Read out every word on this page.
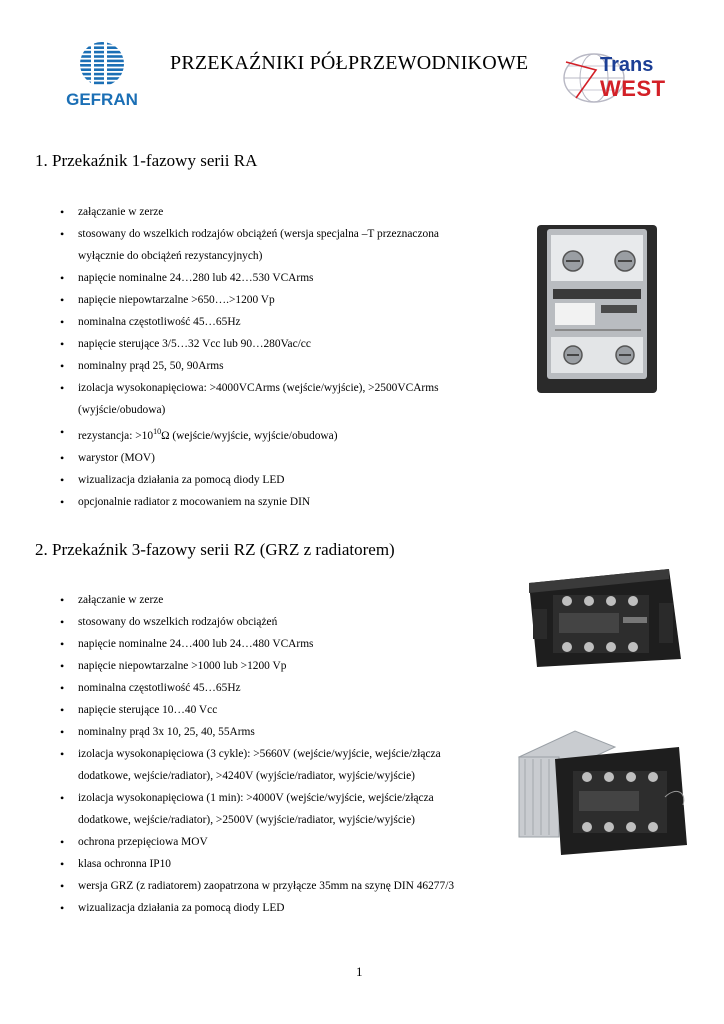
GEFRAN
PRZEKAŹNIKI PÓŁPRZEWODNIKOWE	Trans
WEST
1. Przekaźnik 1-fazowy serii RA
• załączanie w zerze
• stosowany do wszelkich rodzajów obciążeń (wersja specjalna –T przeznaczona
wyłącznie do obciążeń rezystancyjnych)
• napięcie nominalne 24…280 lub 42…530 VCArms
• napięcie niepowtarzalne >650….>1200 Vp
• nominalna częstotliwość 45…65Hz
• napięcie sterujące 3/5…32 Vcc lub 90…280Vac/cc
• nominalny prąd 25, 50, 90Arms
• izolacja wysokonapięciowa: >4000VCArms (wejście/wyjście), >2500VCArms
(wyjście/obudowa)
• rezystancja: $>10^{10}\Omega$ (wejście/wyjście, wyjście/obudowa)
• warystor (MOV)
• wizualizacja działania za pomocą diody LED
• opcjonalnie radiator z mocowaniem na szynie DIN
2. Przekaźnik 3-fazowy serii RZ (GRZ z radiatorem)
• załączanie w zerze
• stosowany do wszelkich rodzajów obciążeń
• napięcie nominalne 24…400 lub 24…480 VCArms
• napięcie niepowtarzalne >1000 lub >1200 Vp
• nominalna częstotliwość 45…65Hz
• napięcie sterujące 10…40 Vcc
• nominalny prąd 3x 10, 25, 40, 55Arms
• izolacja wysokonapięciowa (3 cykle): >5660V (wejście/wyjście, wejście/złącza
dodatkowe, wejście/radiator), >4240V (wyjście/radiator, wyjście/wyjście)
• izolacja wysokonapięciowa (1 min): >4000V (wejście/wyjście, wejście/złącza
dodatkowe, wejście/radiator), >2500V (wyjście/radiator, wyjście/wyjście)
• ochrona przepięciowa MOV
• klasa ochronna IP10
• wersja GRZ (z radiatorem) zaopatrzona w przyłącze 35mm na szynę DIN 46277/3
• wizualizacja działania za pomocą diody LED
1
